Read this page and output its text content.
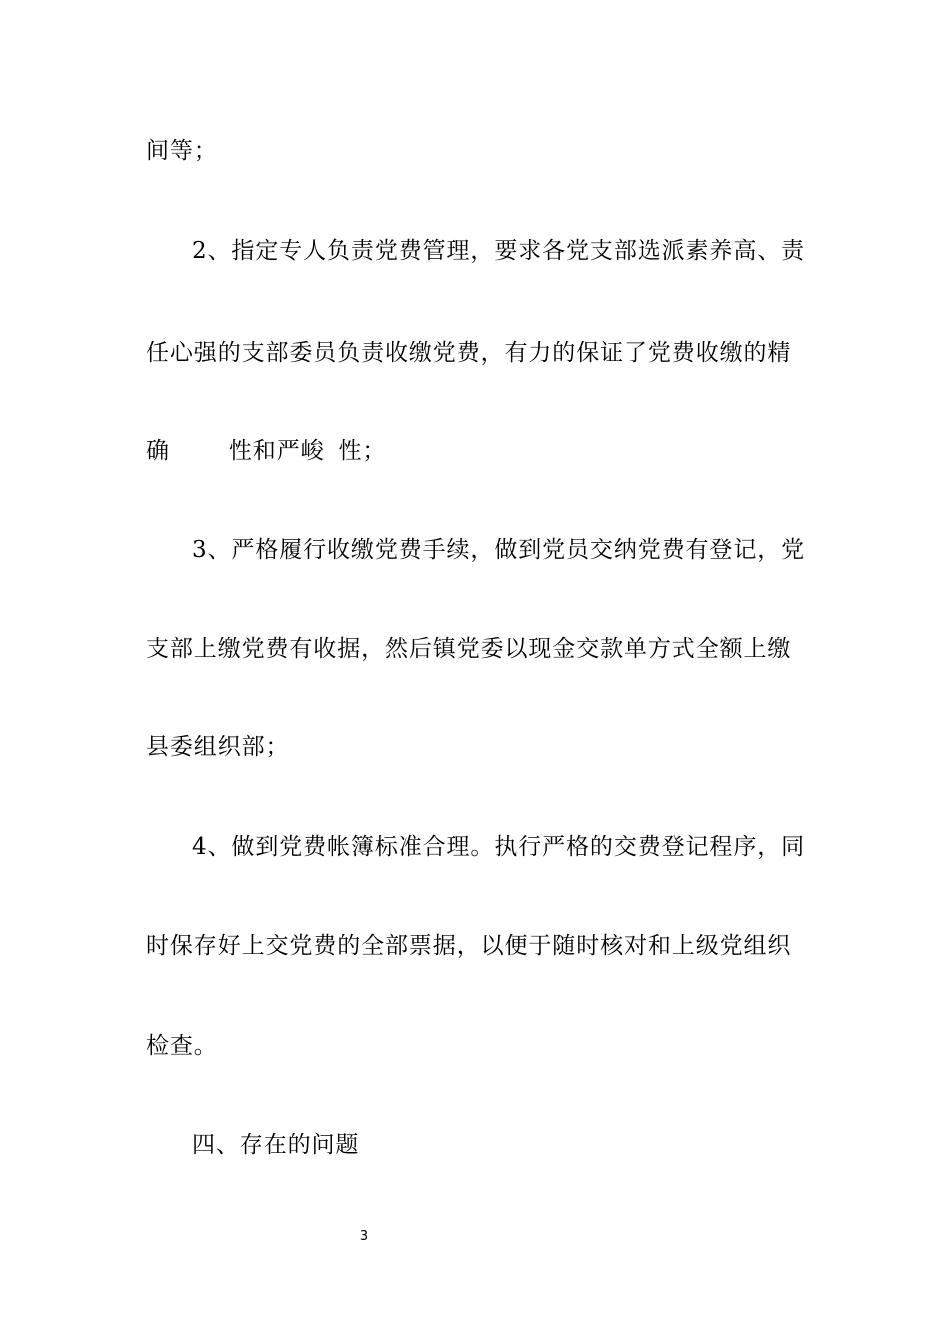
间等；
2、指定专人负责党费管理，要求各党支部选派素养高、责
任心强的支部委员负责收缴党费，有力的保证了党费收缴的精
确	性和严峻 性；
3、严格履行收缴党费手续，做到党员交纳党费有登记，党
支部上缴党费有收据，然后镇党委以现金交款单方式全额上缴
县委组织部；
4、做到党费帐簿标准合理。执行严格的交费登记程序，同
时保存好上交党费的全部票据，以便于随时核对和上级党组织
检查。
四、存在的问题
3
